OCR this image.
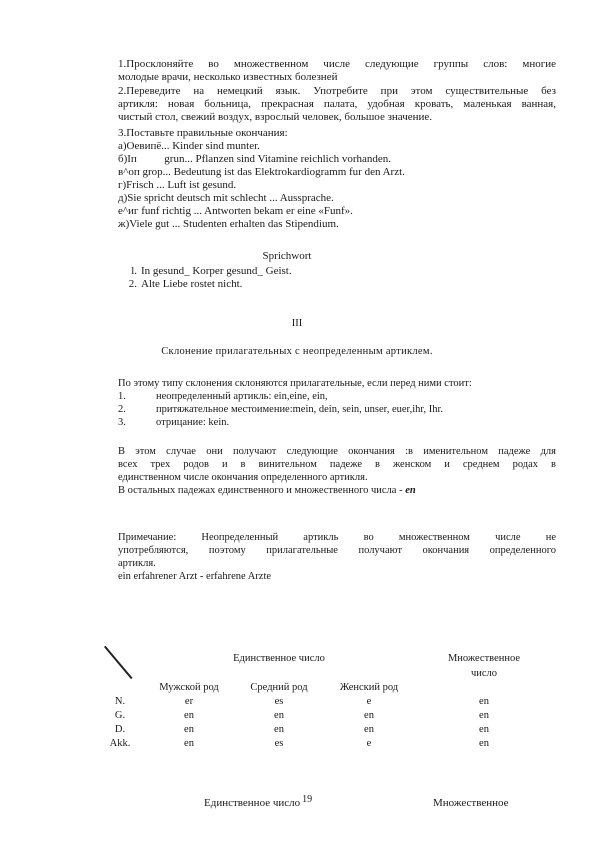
1.Просклоняйте во множественном числе следующие группы слов: многие
молодые врачи, несколько известных болезней
2.Переведите на немецкий язык. Употребите при этом существительные без
артикля: новая больница, прекрасная палата, удобная кровать, маленькая ванная,
чистый стол, свежий воздух, взрослый человек, большое значение.
3.Поставьте правильные окончания:
а)Оевипё... Kinder sind munter.
б)Iп          grun... Pflanzen sind Vitamine reichlich vorhanden.
в^оп grop... Bedeutung ist das Elektrokardiogramm fur den Arzt.
г)Frisch ... Luft ist gesund.
д)Sie spricht deutsch mit schlecht ... Aussprache.
е^иг funf richtig ... Antworten bekam er eine «Funf».
ж)Viele gut ... Studenten erhalten das Stipendium.
Sprichwort
l. In gesund_ Korper gesund_ Geist.
2. Alte Liebe rostet nicht.
III
Склонение прилагательных с неопределенным артиклем.
По этому типу склонения склоняются прилагательные, если перед ними стоит:
1.	неопределенный артикль: ein,eine, ein,
2.	притяжательное местоимение:mein, dein, sein, unser, euer,ihr, Ihr.
3.	отрицание: kein.
В этом случае они получают следующие окончания :в именительном падеже для
всех трех родов и в винительном падеже в женском и среднем родах в
единственном числе окончания определенного артикля.
В остальных падежах единственного и множественного числа - en
Примечание: Неопределенный артикль во множественном числе не
употребляются, поэтому прилагательные получают окончания определенного
артикля.
ein erfahrener Arzt - erfahrene Arzte
	Единственное число			Множественное
				число
	Мужской род	Средний род	Женский род	
N.	er	es	e	en
G.	en	en	en	en
D.	en	en	en	en
Akk.	en	es	e	en
Единственное число 19	Множественное
